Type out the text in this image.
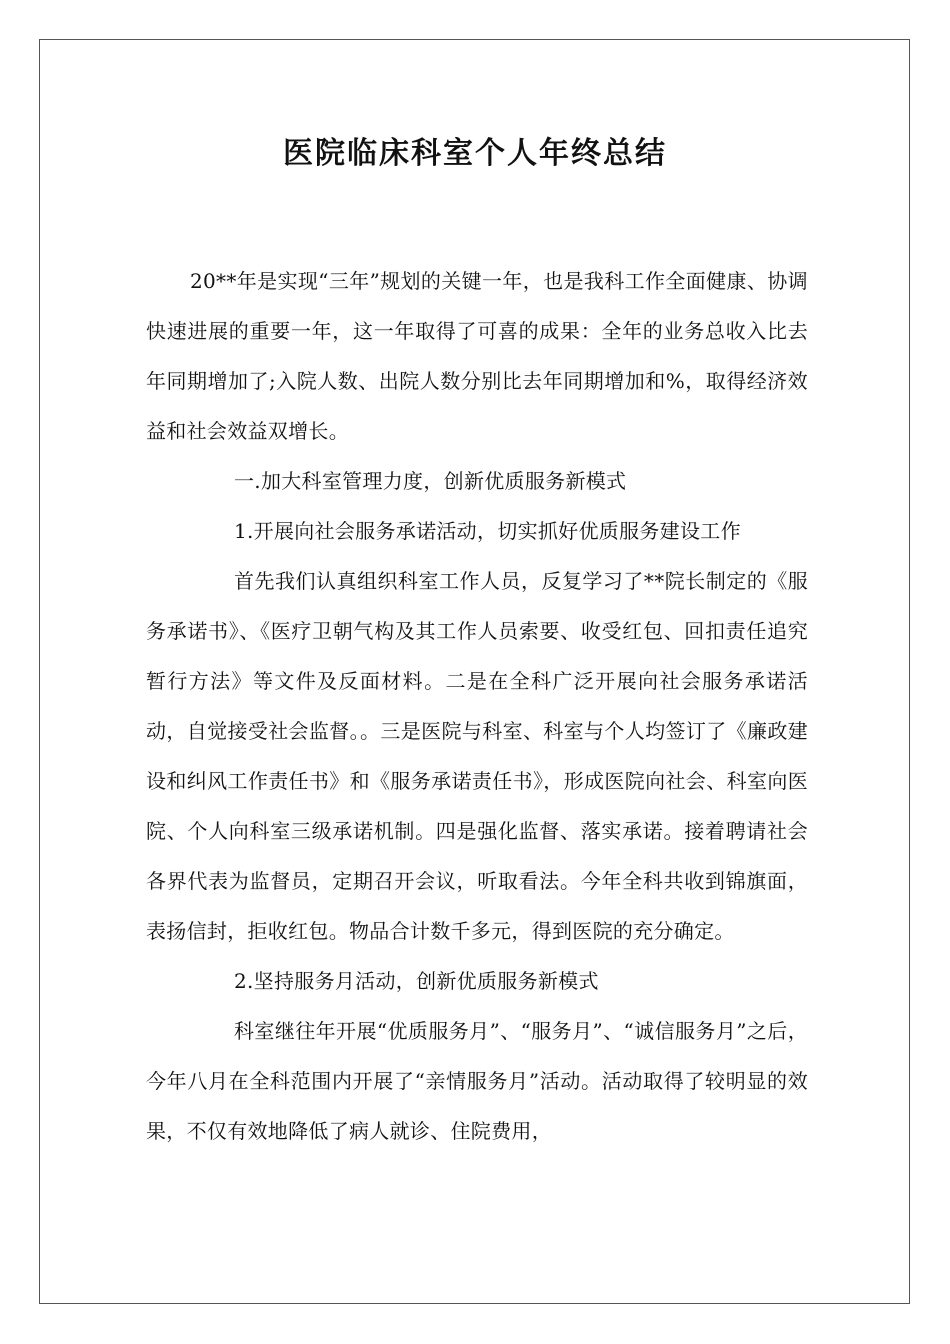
医院临床科室个人年终总结

20**年是实现“三年”规划的关键一年，也是我科工作全面健康、协调快速进展的重要一年，这一年取得了可喜的成果：全年的业务总收入比去年同期增加了;入院人数、出院人数分别比去年同期增加和%，取得经济效益和社会效益双增长。

一.加大科室管理力度，创新优质服务新模式

1.开展向社会服务承诺活动，切实抓好优质服务建设工作

首先我们认真组织科室工作人员，反复学习了**院长制定的《服务承诺书》、《医疗卫朝气构及其工作人员索要、收受红包、回扣责任追究暂行方法》等文件及反面材料。二是在全科广泛开展向社会服务承诺活动，自觉接受社会监督。。三是医院与科室、科室与个人均签订了《廉政建设和纠风工作责任书》和《服务承诺责任书》，形成医院向社会、科室向医院、个人向科室三级承诺机制。四是强化监督、落实承诺。接着聘请社会各界代表为监督员，定期召开会议，听取看法。今年全科共收到锦旗面，表扬信封，拒收红包。物品合计数千多元，得到医院的充分确定。

2.坚持服务月活动，创新优质服务新模式

科室继往年开展“优质服务月”、“服务月”、“诚信服务月”之后，今年八月在全科范围内开展了“亲情服务月”活动。活动取得了较明显的效果，不仅有效地降低了病人就诊、住院费用，
